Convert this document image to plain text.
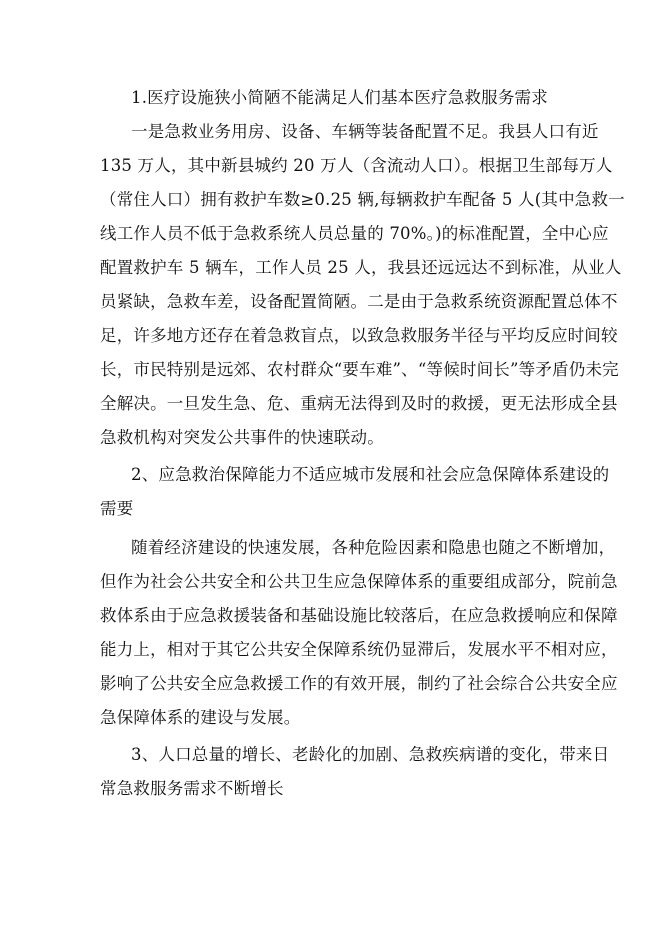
1.医疗设施狭小简陋不能满足人们基本医疗急救服务需求
一是急救业务用房、设备、车辆等装备配置不足。我县人口有近
135 万人，其中新县城约 20 万人（含流动人口）。根据卫生部每万人
（常住人口）拥有救护车数≥0.25 辆,每辆救护车配备 5 人(其中急救一
线工作人员不低于急救系统人员总量的 70%。)的标准配置，全中心应
配置救护车 5 辆车，工作人员 25 人，我县还远远达不到标准，从业人
员紧缺，急救车差，设备配置简陋。二是由于急救系统资源配置总体不
足，许多地方还存在着急救盲点，以致急救服务半径与平均反应时间较
长，市民特别是远郊、农村群众“要车难”、“等候时间长”等矛盾仍未完
全解决。一旦发生急、危、重病无法得到及时的救援，更无法形成全县
急救机构对突发公共事件的快速联动。
2、应急救治保障能力不适应城市发展和社会应急保障体系建设的
需要
随着经济建设的快速发展，各种危险因素和隐患也随之不断增加，
但作为社会公共安全和公共卫生应急保障体系的重要组成部分，院前急
救体系由于应急救援装备和基础设施比较落后，在应急救援响应和保障
能力上，相对于其它公共安全保障系统仍显滞后，发展水平不相对应，
影响了公共安全应急救援工作的有效开展，制约了社会综合公共安全应
急保障体系的建设与发展。
3、人口总量的增长、老龄化的加剧、急救疾病谱的变化，带来日
常急救服务需求不断增长
